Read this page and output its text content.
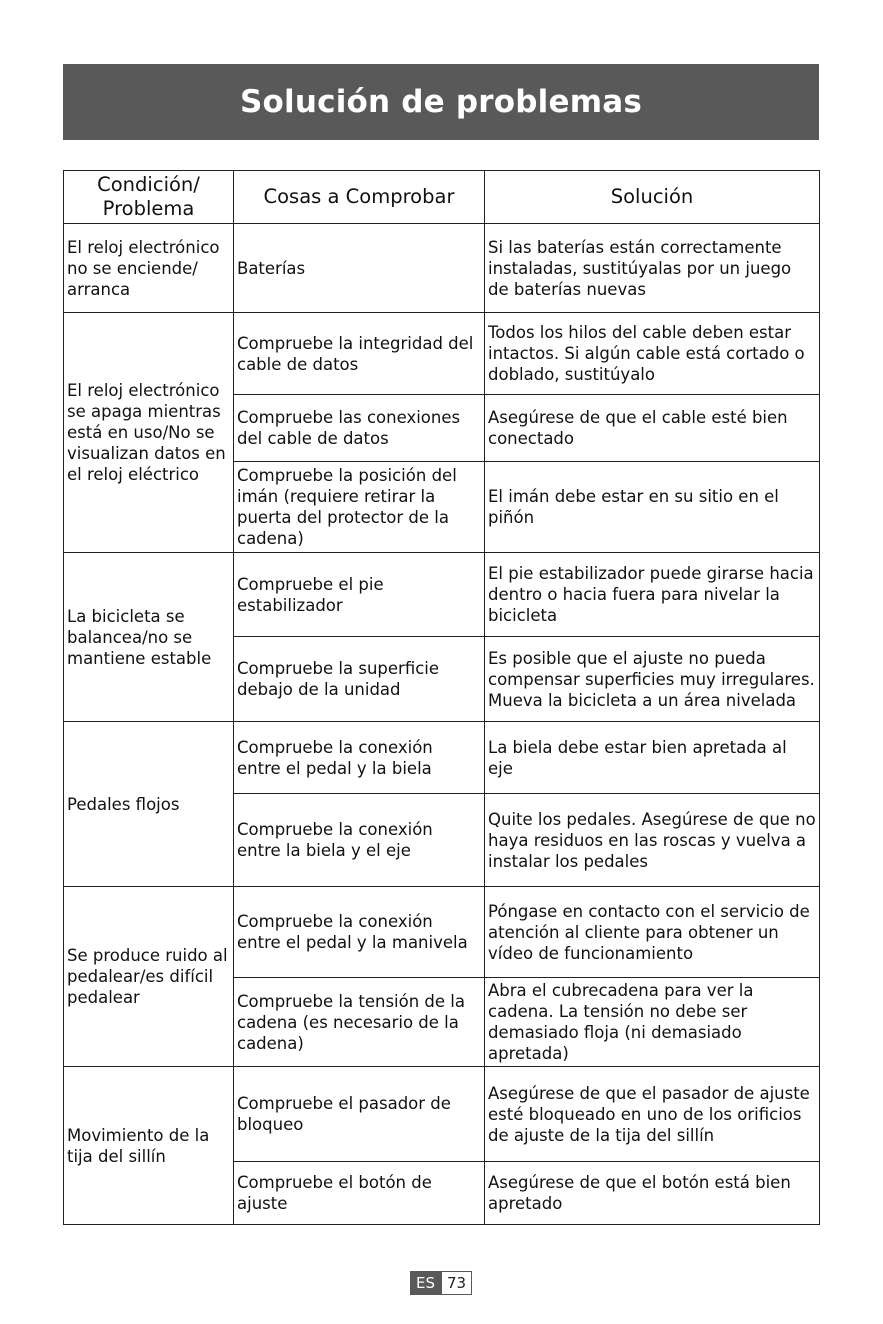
Solución de problemas
Condición/ Problema	Cosas a Comprobar	Solución
El reloj electrónico no se enciende/ arranca	Baterías	Si las baterías están correctamente instaladas, sustitúyalas por un juego de baterías nuevas
El reloj electrónico se apaga mientras está en uso/No se visualizan datos en el reloj eléctrico	Compruebe la integridad del cable de datos	Todos los hilos del cable deben estar intactos. Si algún cable está cortado o doblado, sustitúyalo
	Compruebe las conexiones del cable de datos	Asegúrese de que el cable esté bien conectado
	Compruebe la posición del imán (requiere retirar la puerta del protector de la cadena)	El imán debe estar en su sitio en el piñón
La bicicleta se balancea/no se mantiene estable	Compruebe el pie estabilizador	El pie estabilizador puede girarse hacia dentro o hacia fuera para nivelar la bicicleta
	Compruebe la superficie debajo de la unidad	Es posible que el ajuste no pueda compensar superficies muy irregulares. Mueva la bicicleta a un área nivelada
Pedales flojos	Compruebe la conexión entre el pedal y la biela	La biela debe estar bien apretada al eje
	Compruebe la conexión entre la biela y el eje	Quite los pedales. Asegúrese de que no haya residuos en las roscas y vuelva a instalar los pedales
Se produce ruido al pedalear/es difícil pedalear	Compruebe la conexión entre el pedal y la manivela	Póngase en contacto con el servicio de atención al cliente para obtener un vídeo de funcionamiento
	Compruebe la tensión de la cadena (es necesario de la cadena)	Abra el cubrecadena para ver la cadena. La tensión no debe ser demasiado floja (ni demasiado apretada)
Movimiento de la tija del sillín	Compruebe el pasador de bloqueo	Asegúrese de que el pasador de ajuste esté bloqueado en uno de los orificios de ajuste de la tija del sillín
	Compruebe el botón de ajuste	Asegúrese de que el botón está bien apretado
ES 73
